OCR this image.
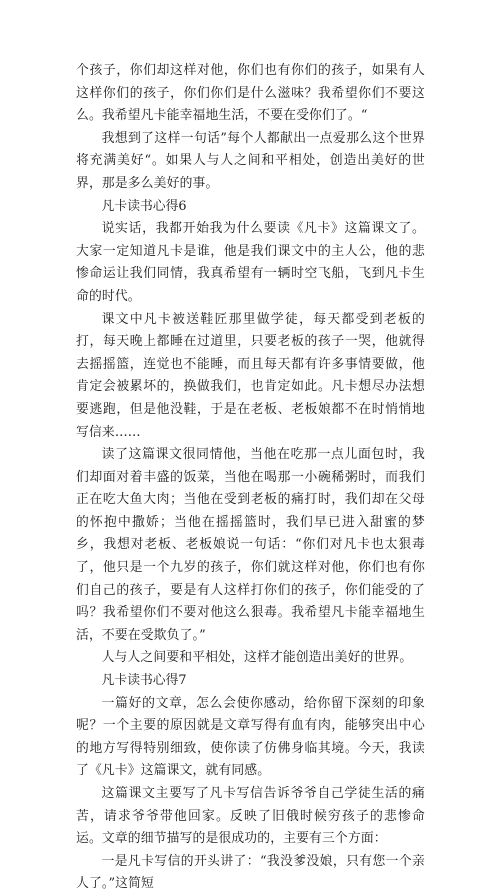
个孩子，你们却这样对他，你们也有你们的孩子，如果有人这样你们的孩子，你们你们是什么滋味？我希望你们不要这么。我希望凡卡能幸福地生活，不要在受你们了。“

我想到了这样一句话”每个人都献出一点爱那么这个世界将充满美好“。如果人与人之间和平相处，创造出美好的世界，那是多么美好的事。

凡卡读书心得6

说实话，我都开始我为什么要读《凡卡》这篇课文了。大家一定知道凡卡是谁，他是我们课文中的主人公，他的悲惨命运让我们同情，我真希望有一辆时空飞船，飞到凡卡生命的时代。

课文中凡卡被送鞋匠那里做学徒，每天都受到老板的打，每天晚上都睡在过道里，只要老板的孩子一哭，他就得去摇摇篮，连觉也不能睡，而且每天都有许多事情要做，他肯定会被累坏的，换做我们，也肯定如此。凡卡想尽办法想要逃跑，但是他没鞋，于是在老板、老板娘都不在时悄悄地写信来……

读了这篇课文很同情他，当他在吃那一点儿面包时，我们却面对着丰盛的饭菜，当他在喝那一小碗稀粥时，而我们正在吃大鱼大肉；当他在受到老板的痛打时，我们却在父母的怀抱中撒娇；当他在摇摇篮时，我们早已进入甜蜜的梦乡，我想对老板、老板娘说一句话：“你们对凡卡也太狠毒了，他只是一个九岁的孩子，你们就这样对他，你们也有你们自己的孩子，要是有人这样打你们的孩子，你们能受的了吗？我希望你们不要对他这么狠毒。我希望凡卡能幸福地生活，不要在受欺负了。”

人与人之间要和平相处，这样才能创造出美好的世界。

凡卡读书心得7

一篇好的文章，怎么会使你感动，给你留下深刻的印象呢？一个主要的原因就是文章写得有血有肉，能够突出中心的地方写得特别细致，使你读了仿佛身临其境。今天，我读了《凡卡》这篇课文，就有同感。

这篇课文主要写了凡卡写信告诉爷爷自己学徒生活的痛苦，请求爷爷带他回家。反映了旧俄时候穷孩子的悲惨命运。文章的细节描写的是很成功的，主要有三个方面：

一是凡卡写信的开头讲了：“我没爹没娘，只有您一个亲人了。”这简短
